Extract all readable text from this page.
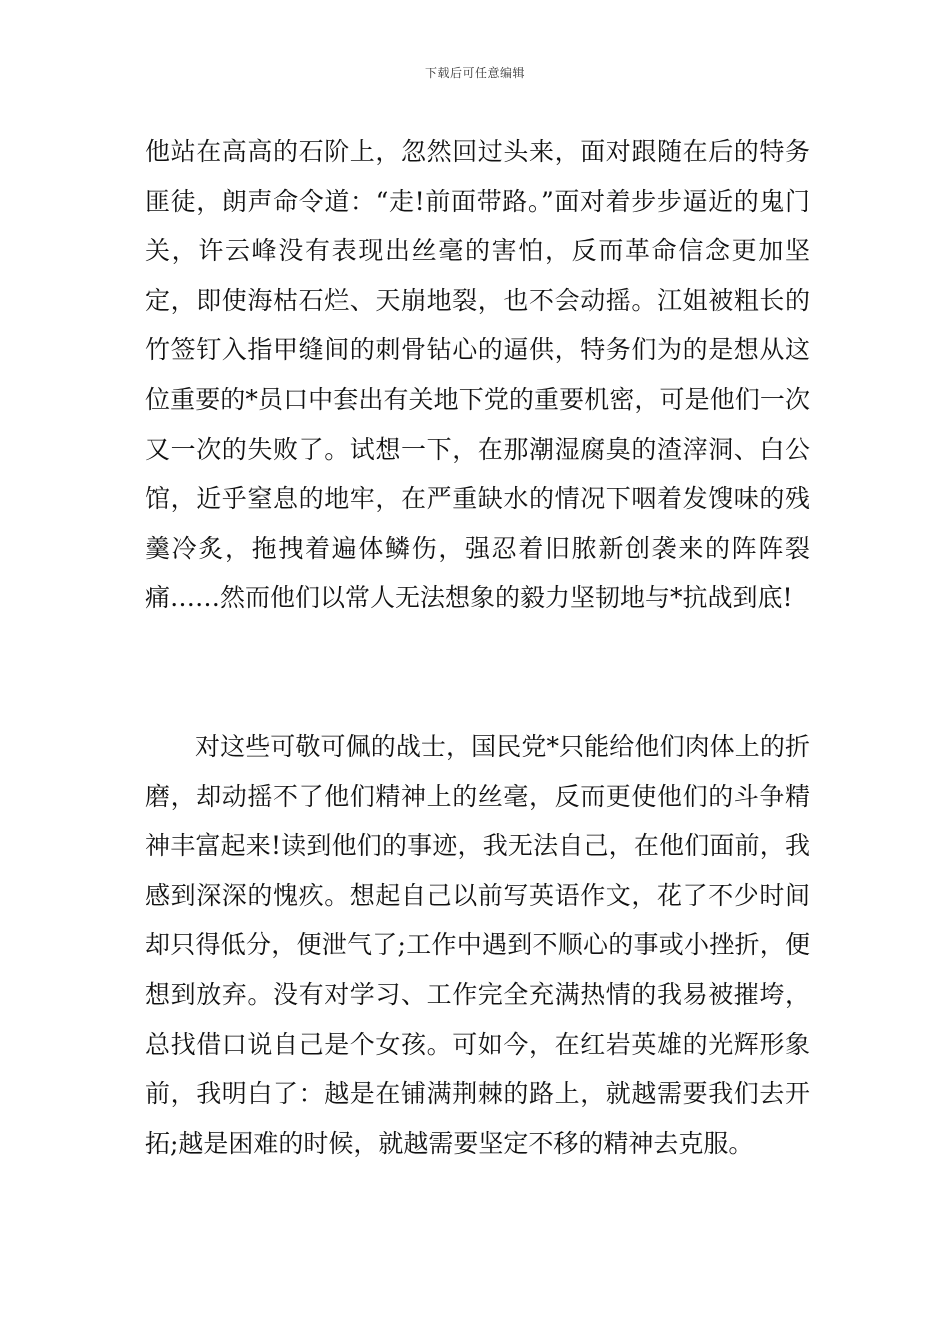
下载后可任意编辑

他站在高高的石阶上，忽然回过头来，面对跟随在后的特务匪徒，朗声命令道：“走!前面带路。”面对着步步逼近的鬼门关，许云峰没有表现出丝毫的害怕，反而革命信念更加坚定，即使海枯石烂、天崩地裂，也不会动摇。江姐被粗长的竹签钉入指甲缝间的刺骨钻心的逼供，特务们为的是想从这位重要的*员口中套出有关地下党的重要机密，可是他们一次又一次的失败了。试想一下，在那潮湿腐臭的渣滓洞、白公馆，近乎窒息的地牢，在严重缺水的情况下咽着发馊味的残羹冷炙，拖拽着遍体鳞伤，强忍着旧脓新创袭来的阵阵裂痛……然而他们以常人无法想象的毅力坚韧地与*抗战到底!

对这些可敬可佩的战士，国民党*只能给他们肉体上的折磨，却动摇不了他们精神上的丝毫，反而更使他们的斗争精神丰富起来!读到他们的事迹，我无法自己，在他们面前，我感到深深的愧疚。想起自己以前写英语作文，花了不少时间却只得低分，便泄气了;工作中遇到不顺心的事或小挫折，便想到放弃。没有对学习、工作完全充满热情的我易被摧垮，总找借口说自己是个女孩。可如今，在红岩英雄的光辉形象前，我明白了：越是在铺满荆棘的路上，就越需要我们去开拓;越是困难的时候，就越需要坚定不移的精神去克服。
